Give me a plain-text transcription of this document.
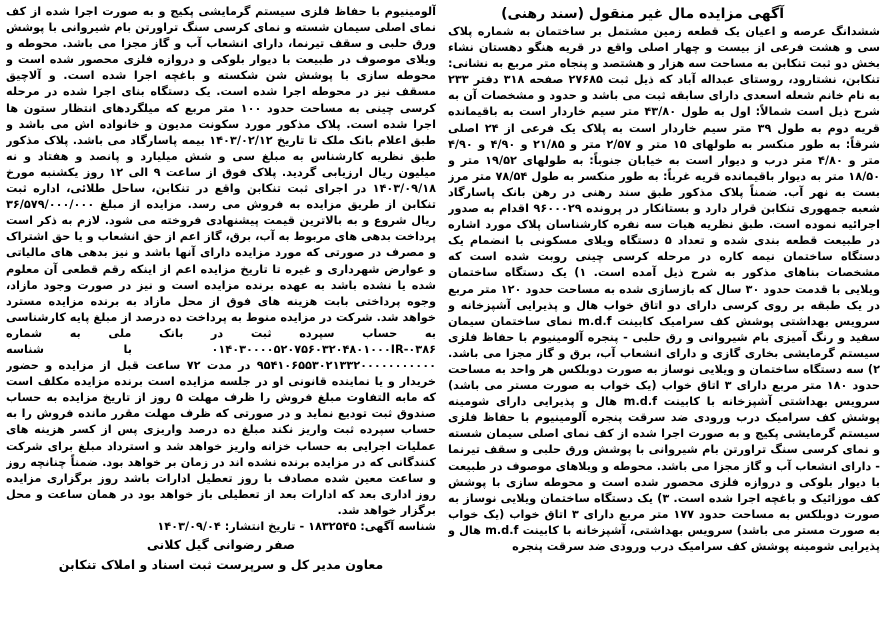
آگهی مزایده مال غیر منقول (سند رهنی)

ششدانگ عرصه و اعیان یک قطعه زمین مشتمل بر ساختمان به شماره پلاک سی و هشت فرعی از بیست و چهار اصلی واقع در قریه هنگو دهستان نشاء بخش دو ثبت تنکابن به مساحت سه هزار و هشتصد و پنجاه متر مربع به نشانی: تنکابن، نشتارود، روستای عبداله آباد که ذیل ثبت ۲۷۶۸۵ صفحه ۳۱۸ دفتر ۲۳۳ به نام خانم شعله اسعدی دارای سابقه ثبت می باشد و حدود و مشخصات آن به شرح ذیل است شمالاً: اول به طول ۴۳/۸۰ متر سیم خاردار است به باقیمانده قریه دوم به طول ۳۹ متر سیم خاردار است به پلاک یک فرعی از ۲۴ اصلی شرقاً: به طور منکسر به طولهای ۱۵ متر و ۲/۵۷ متر و ۲۱/۸۵ و ۴/۹۰ و ۴/۹۰ متر و ۴/۸۰ متر درب و دیوار است به خیابان جنوباً: به طولهای ۱۹/۵۲ متر و ۱۸/۵۰ متر به دیوار باقیمانده قریه غرباً: به طور منکسر به طول ۷۸/۵۴ متر مرز بست به نهر آب. ضمناً پلاک مذکور طبق سند رهنی در رهن بانک پاسارگاد شعبه جمهوری تنکابن قرار دارد و بستانکار در پرونده ۹۶۰۰۰۲۹ اقدام به صدور اجرائیه نموده است. طبق نظریه هیات سه نفره کارشناسان پلاک مورد اشاره در طبیعت قطعه بندی شده و تعداد ۵ دستگاه ویلای مسکونی با انضمام یک دستگاه ساختمان نیمه کاره در مرحله کرسی چینی روبت شده است که مشخصات بناهای مذکور به شرح ذیل آمده است. ۱) یک دستگاه ساختمان ویلایی با قدمت حدود ۳۰ سال که بازسازی شده به مساحت حدود ۱۲۰ متر مربع در یک طبقه بر روی کرسی دارای دو اتاق خواب هال و پذیرایی آشپزخانه و سرویس بهداشتی پوشش کف سرامیک کابینت m.d.f نمای ساختمان سیمان سفید و رنگ آمیزی بام شیروانی و رق حلبی - پنجره آلومینیوم با حفاظ فلزی سیستم گرمایشی بخاری گازی و دارای انشعاب آب، برق و گاز مجزا می باشد. ۲) سه دستگاه ساختمان و ویلایی نوساز به صورت دوبلکس هر واحد به مساحت حدود ۱۸۰ متر مربع دارای ۳ اتاق خواب (یک خواب به صورت مستر می باشد) سرویس بهداشتی آشپزخانه با کابینت m.d.f هال و پذیرایی دارای شومینه پوشش کف سرامیک درب ورودی ضد سرقت پنجره آلومینیوم با حفاظ فلزی سیستم گرمایشی پکیج و به صورت اجرا شده از کف نمای اصلی سیمان شسته و نمای کرسی سنگ تراورتن بام شیروانی با پوشش ورق حلبی و سقف تیرنما - دارای انشعاب آب و گاز مجزا می باشد. محوطه و ویلاهای موصوف در طبیعت با دیوار بلوکی و دروازه فلزی محصور شده است و محوطه سازی با پوشش کف موزائیک و باغچه اجرا شده است. ۳) یک دستگاه ساختمان ویلایی نوساز به صورت دوبلکس به مساحت حدود ۱۷۷ متر مربع دارای ۳ اتاق خواب (یک خواب به صورت مستر می باشد) سرویس بهداشتی، آشپزخانه با کابینت m.d.f هال و پذیرایی شومینه پوشش کف سرامیک درب ورودی ضد سرقت پنجره

آلومینیوم با حفاظ فلزی سیستم گرمایشی پکیج و به صورت اجرا شده از کف نمای اصلی سیمان شسته و نمای کرسی سنگ تراورتن بام شیروانی با پوشش ورق حلبی و سقف تیرنما، دارای انشعاب آب و گاز مجزا می باشد. محوطه و ویلای موصوف در طبیعت با دیوار بلوکی و دروازه فلزی محصور شده است و محوطه سازی با پوشش شن شکسته و باغچه اجرا شده است. و آلاچیق مسقف نیز در محوطه اجرا شده است. یک دستگاه بنای اجرا شده در مرحله کرسی چینی به مساحت حدود ۱۰۰ متر مربع که میلگردهای انتظار ستون ها اجرا شده است. پلاک مذکور مورد سکونت مدیون و خانواده اش می باشد و طبق اعلام بانک ملک تا تاریخ ۱۴۰۳/۰۲/۱۲ بیمه پاسارگاد می باشد. پلاک مذکور طبق نظریه کارشناس به مبلغ سی و شش میلیارد و پانصد و هفتاد و نه میلیون ریال ارزیابی گردید. پلاک فوق از ساعت ۹ الی ۱۲ روز یکشنبه مورخ ۱۴۰۳/۰۹/۱۸ در اجرای ثبت تنکابن واقع در تنکابن، ساحل طلائی، اداره ثبت تنکابن از طریق مزایده به فروش می رسد. مزایده از مبلغ ۳۶/۵۷۹/۰۰۰/۰۰۰ ریال شروع و به بالاترین قیمت پیشنهادی فروخته می شود. لازم به ذکر است پرداخت بدهی های مربوط به آب، برق، گاز اعم از حق انشعاب و یا حق اشتراک و مصرف در صورتی که مورد مزایده دارای آنها باشد و نیز بدهی های مالیاتی و عوارض شهرداری و غیره تا تاریخ مزایده اعم از اینکه رقم قطعی آن معلوم شده یا نشده باشد به عهده برنده مزایده است و نیز در صورت وجود مازاد، وجوه پرداختی بابت هزینه های فوق از محل مازاد به برنده مزایده مسترد خواهد شد. شرکت در مزایده منوط به پرداخت ده درصد از مبلغ پایه کارشناسی به حساب سپرده ثبت در بانک ملی به شماره ۰۳۸۶-۰۱۴۰۳۰۰۰۰۵۲۰۷۵۶۰۳۲۰۴۸۰۱۰۰۰IR با شناسه ۹۵۴۱۰۶۵۵۳۰۲۱۳۳۲۰۰۰۰۰۰۰۰۰۰۰ در مدت ۷۲ ساعت قبل از مزایده و حضور خریدار و یا نماینده قانونی او در جلسه مزایده است برنده مزایده مکلف است که مابه التفاوت مبلغ فروش را ظرف مهلت ۵ روز از تاریخ مزایده به حساب صندوق ثبت تودیع نماید و در صورتی که ظرف مهلت مقرر مانده فروش را به حساب سپرده ثبت واریز نکند مبلغ ده درصد واریزی پس از کسر هزینه های عملیات اجرایی به حساب خزانه واریز خواهد شد و استرداد مبلغ برای شرکت کنندگانی که در مزایده برنده نشده اند در زمان بر خواهد بود. ضمناً چنانچه روز و ساعت معین شده مصادف با روز تعطیل ادارات باشد روز برگزاری مزایده روز اداری بعد که ادارات بعد از تعطیلی باز خواهد بود در همان ساعت و محل برگزار خواهد شد.

شناسه آگهی: ۱۸۳۲۵۴۵ - تاریخ انتشار: ۱۴۰۳/۰۹/۰۴

صفر رضوانی گیل کلانی

معاون مدیر کل و سرپرست ثبت اسناد و املاک تنکابن
